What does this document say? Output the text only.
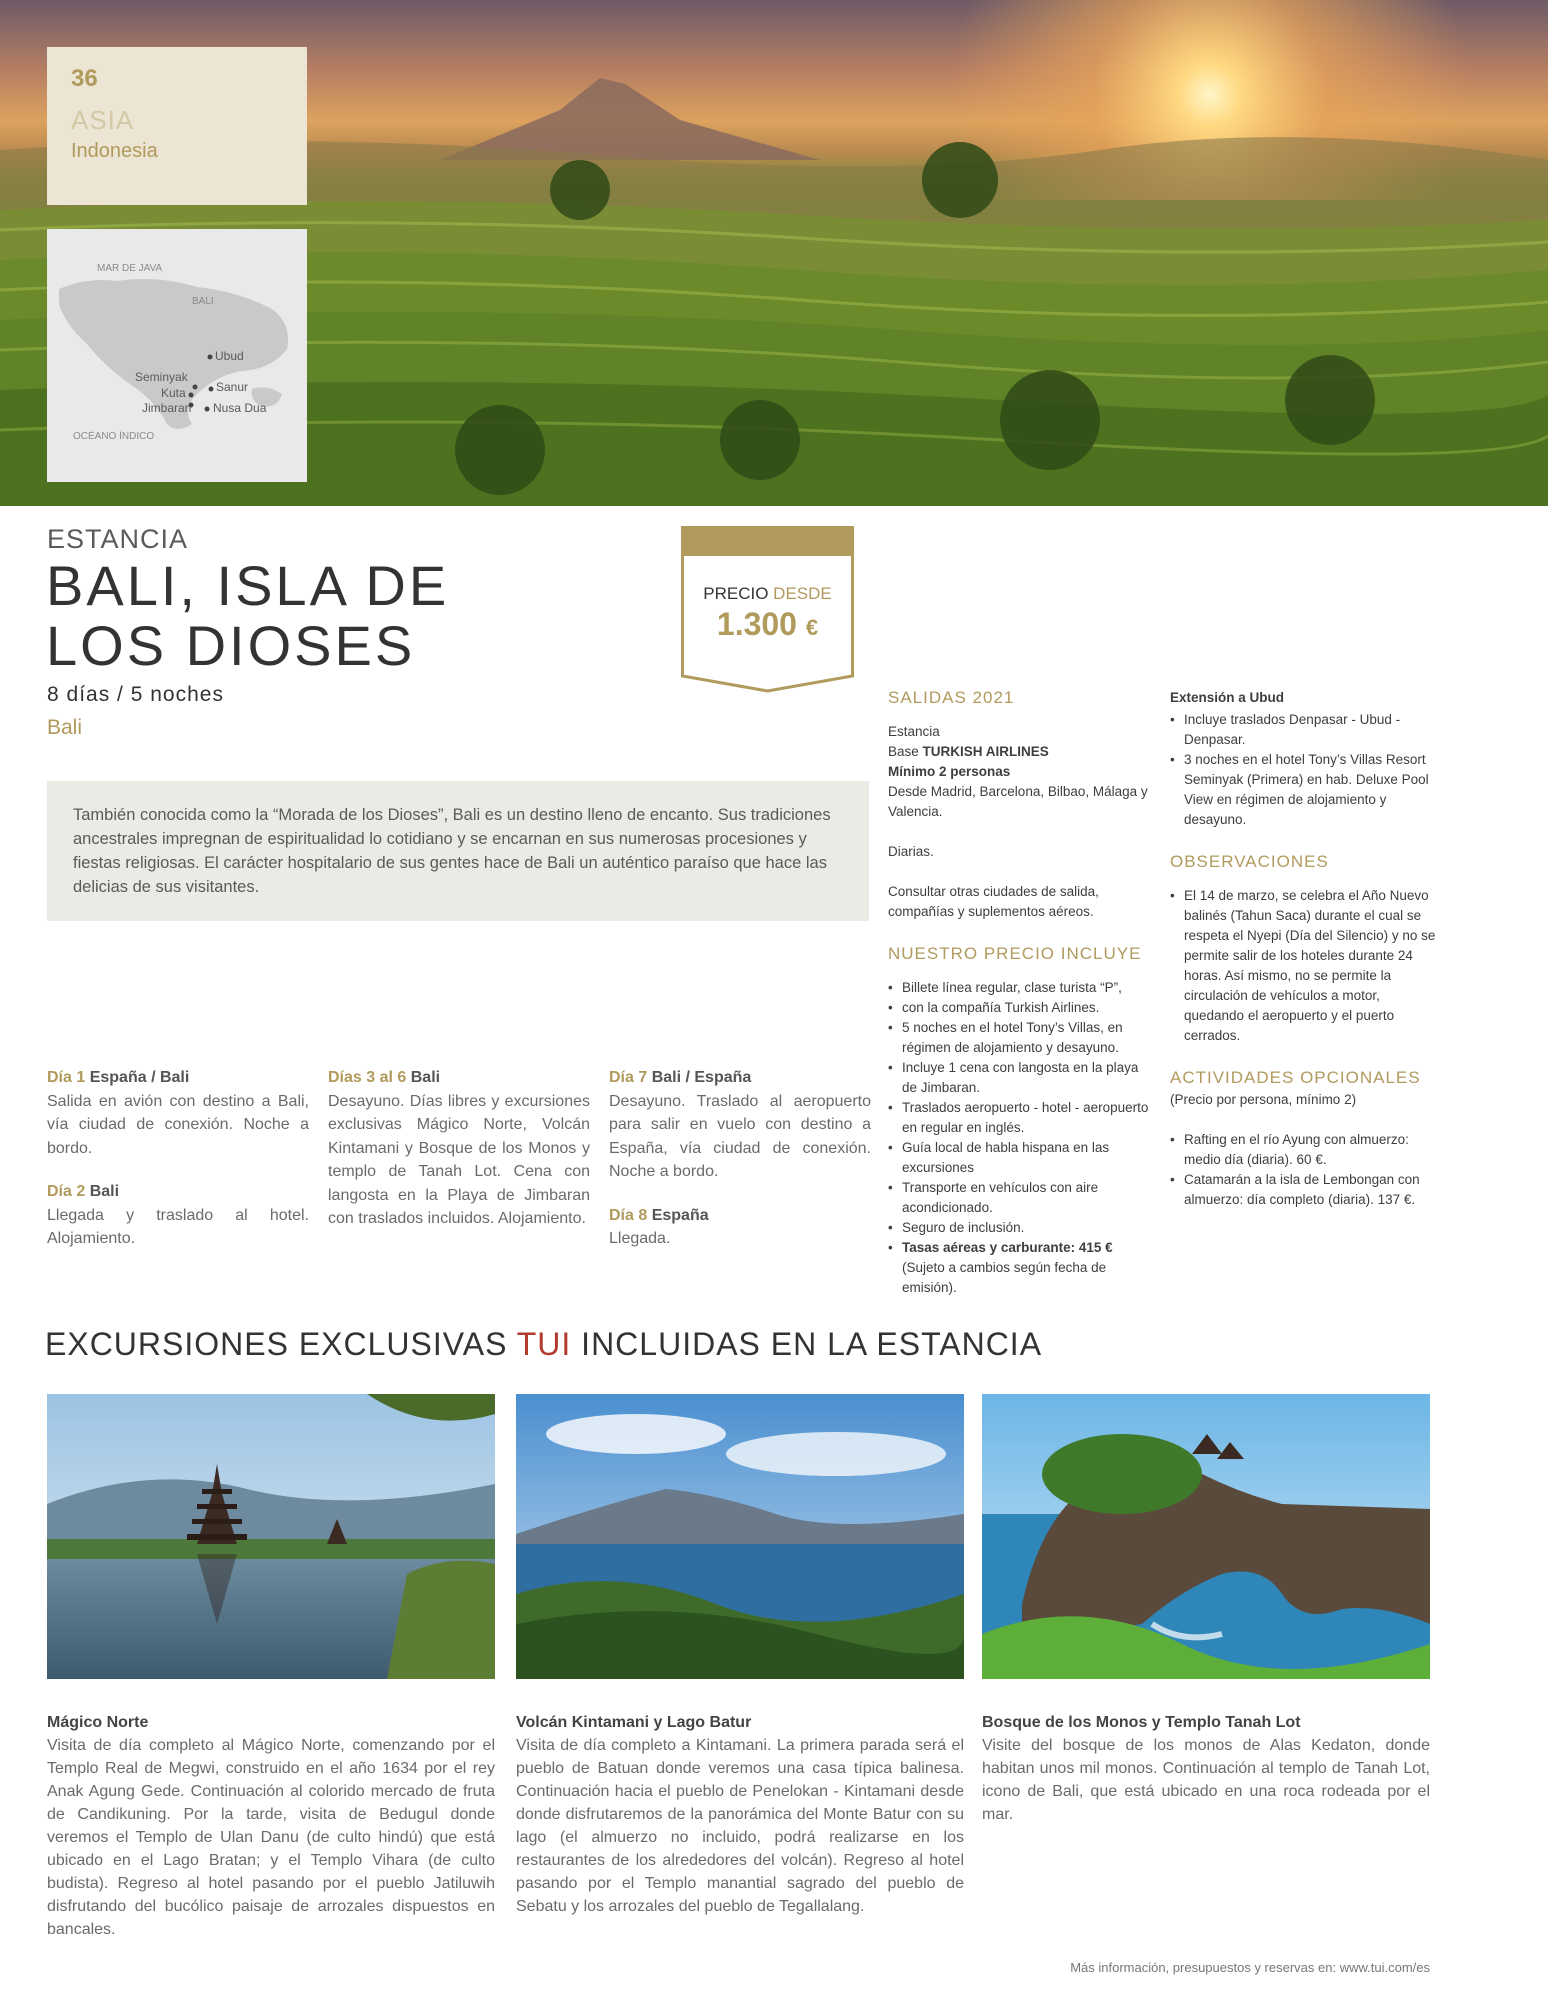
36
ASIA
Indonesia
MAR DE JAVA
BALI
OCÉANO ÍNDICO
Ubud
Seminyak
Kuta	Sanur
Jimbaran Nusa Dua
ESTANCIA
BALI, ISLA DE
LOS DIOSES
8 días / 5 noches
Bali
PRECIO DESDE
1.300 €
También conocida como la “Morada de los Dioses”, Bali es un destino lleno de encanto. Sus tradiciones ancestrales impregnan de espiritualidad lo cotidiano y se encarnan en sus numerosas procesiones y fiestas religiosas. El carácter hospitalario de sus gentes hace de Bali un auténtico paraíso que hace las delicias de sus visitantes.
Día 1 España / Bali
Salida en avión con destino a Bali, vía ciudad de conexión. Noche a bordo.
Día 2 Bali
Llegada y traslado al hotel. Alojamiento.
Días 3 al 6 Bali
Desayuno. Días libres y excursiones exclusivas Mágico Norte, Volcán Kintamani y Bosque de los Monos y templo de Tanah Lot. Cena con langosta en la Playa de Jimbaran con traslados incluidos. Alojamiento.
Día 7 Bali / España
Desayuno. Traslado al aeropuerto para salir en vuelo con destino a España, vía ciudad de conexión. Noche a bordo.
Día 8 España
Llegada.
SALIDAS 2021
Estancia
Base TURKISH AIRLINES
Mínimo 2 personas
Desde Madrid, Barcelona, Bilbao, Málaga y Valencia.
Diarias.
Consultar otras ciudades de salida, compañías y suplementos aéreos.
NUESTRO PRECIO INCLUYE
• Billete línea regular, clase turista “P”,
• con la compañía Turkish Airlines.
• 5 noches en el hotel Tony’s Villas, en régimen de alojamiento y desayuno.
• Incluye 1 cena con langosta en la playa de Jimbaran.
• Traslados aeropuerto - hotel - aeropuerto en regular en inglés.
• Guía local de habla hispana en las excursiones
• Transporte en vehículos con aire acondicionado.
• Seguro de inclusión.
• Tasas aéreas y carburante: 415 €
(Sujeto a cambios según fecha de emisión).
Extensión a Ubud
• Incluye traslados Denpasar - Ubud - Denpasar.
• 3 noches en el hotel Tony’s Villas Resort Seminyak (Primera) en hab. Deluxe Pool View en régimen de alojamiento y desayuno.
OBSERVACIONES
• El 14 de marzo, se celebra el Año Nuevo balinés (Tahun Saca) durante el cual se respeta el Nyepi (Día del Silencio) y no se permite salir de los hoteles durante 24 horas. Así mismo, no se permite la circulación de vehículos a motor, quedando el aeropuerto y el puerto cerrados.
ACTIVIDADES OPCIONALES
(Precio por persona, mínimo 2)
• Rafting en el río Ayung con almuerzo: medio día (diaria). 60 €.
• Catamarán a la isla de Lembongan con almuerzo: día completo (diaria). 137 €.
EXCURSIONES EXCLUSIVAS TUI INCLUIDAS EN LA ESTANCIA
Mágico Norte
Visita de día completo al Mágico Norte, comenzando por el Templo Real de Megwi, construido en el año 1634 por el rey Anak Agung Gede. Continuación al colorido mercado de fruta de Candikuning. Por la tarde, visita de Bedugul donde veremos el Templo de Ulan Danu (de culto hindú) que está ubicado en el Lago Bratan; y el Templo Vihara (de culto budista). Regreso al hotel pasando por el pueblo Jatiluwih disfrutando del bucólico paisaje de arrozales dispuestos en bancales.
Volcán Kintamani y Lago Batur
Visita de día completo a Kintamani. La primera parada será el pueblo de Batuan donde veremos una casa típica balinesa. Continuación hacia el pueblo de Penelokan - Kintamani desde donde disfrutaremos de la panorámica del Monte Batur con su lago (el almuerzo no incluido, podrá realizarse en los restaurantes de los alrededores del volcán). Regreso al hotel pasando por el Templo manantial sagrado del pueblo de Sebatu y los arrozales del pueblo de Tegallalang.
Bosque de los Monos y Templo Tanah Lot
Visite del bosque de los monos de Alas Kedaton, donde habitan unos mil monos. Continuación al templo de Tanah Lot, icono de Bali, que está ubicado en una roca rodeada por el mar.
Más información, presupuestos y reservas en: www.tui.com/es
